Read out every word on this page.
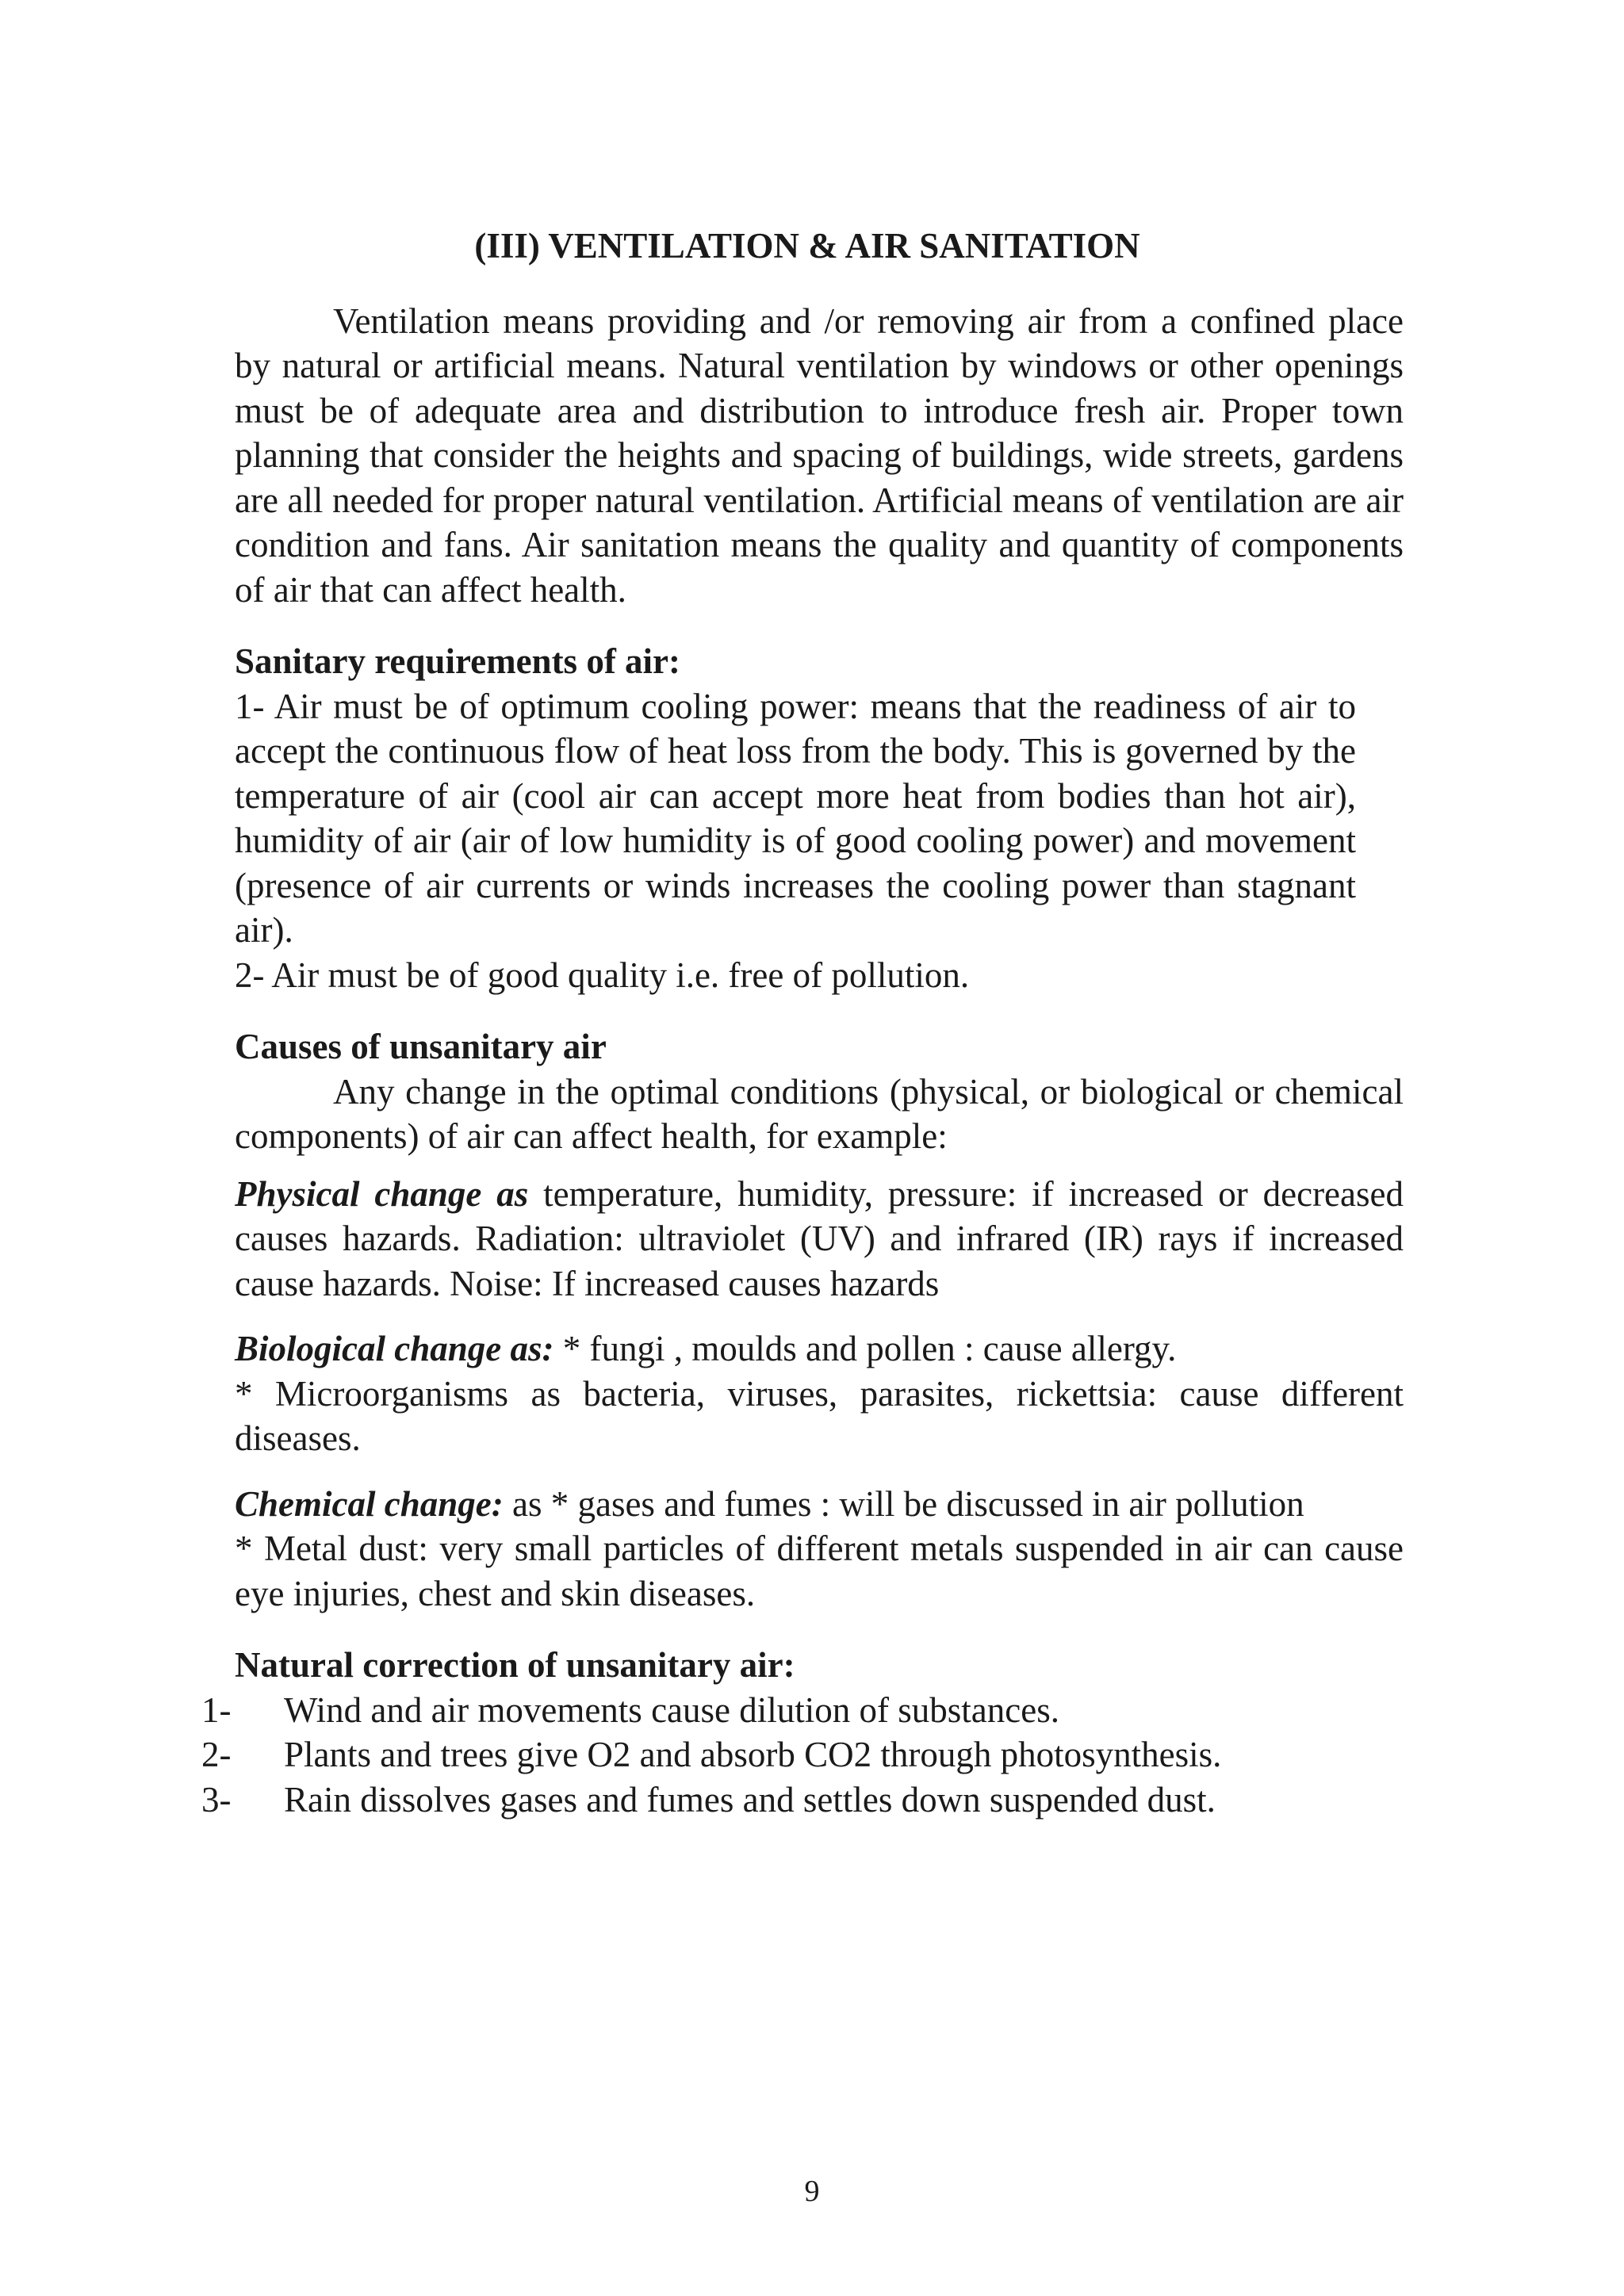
(III) VENTILATION & AIR SANITATION

Ventilation means providing and /or removing air from a confined place by natural or artificial means. Natural ventilation by windows or other openings must be of adequate area and distribution to introduce fresh air. Proper town planning that consider the heights and spacing of buildings, wide streets, gardens are all needed for proper natural ventilation. Artificial means of ventilation are air condition and fans. Air sanitation means the quality and quantity of components of air that can affect health.

Sanitary requirements of air:

1- Air must be of optimum cooling power: means that the readiness of air to accept the continuous flow of heat loss from the body. This is governed by the temperature of air (cool air can accept more heat from bodies than hot air), humidity of air (air of low humidity is of good cooling power) and movement (presence of air currents or winds increases the cooling power than stagnant air).

2- Air must be of good quality i.e. free of pollution.

Causes of unsanitary air

Any change in the optimal conditions (physical, or biological or chemical components) of air can affect health, for example:

Physical change as temperature, humidity, pressure: if increased or decreased causes hazards. Radiation: ultraviolet (UV) and infrared (IR) rays if increased cause hazards. Noise: If increased causes hazards

Biological change as: * fungi , moulds and pollen : cause allergy.

* Microorganisms as bacteria, viruses, parasites, rickettsia: cause different diseases.

Chemical change: as * gases and fumes : will be discussed in air pollution

* Metal dust: very small particles of different metals suspended in air can cause eye injuries, chest and skin diseases.

Natural correction of unsanitary air:
1- Wind and air movements cause dilution of substances.
2- Plants and trees give O2 and absorb CO2 through photosynthesis.
3- Rain dissolves gases and fumes and settles down suspended dust.
9
